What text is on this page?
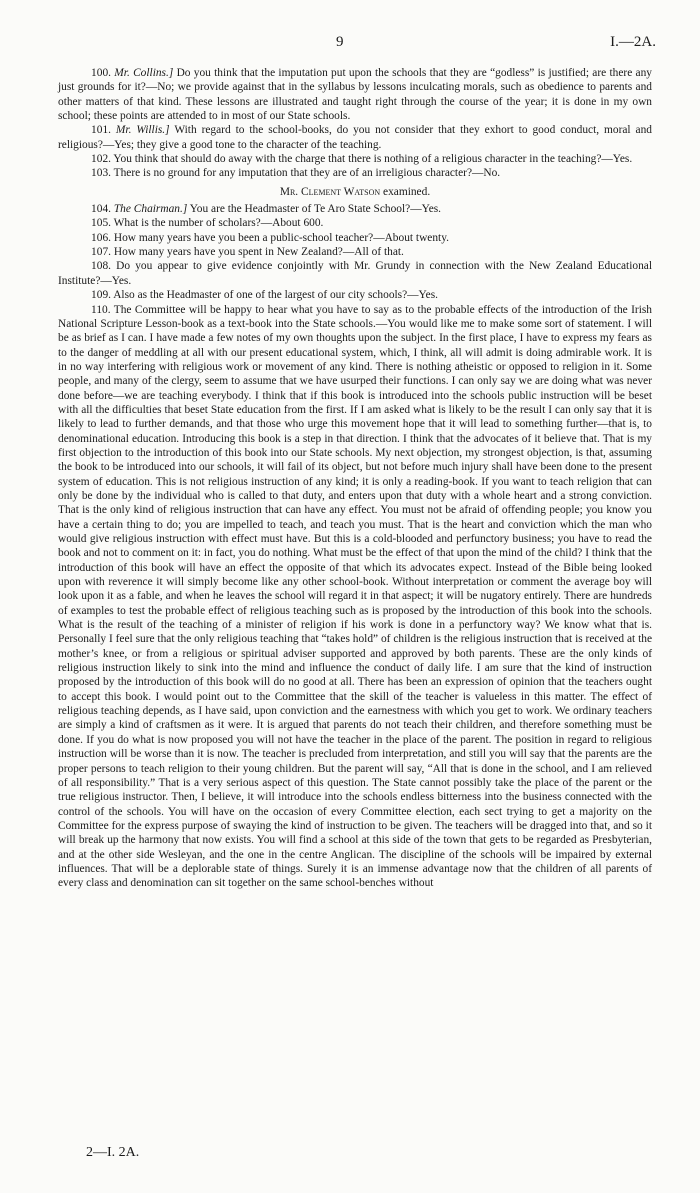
9	I.—2A.

100. Mr. Collins.] Do you think that the imputation put upon the schools that they are “godless” is justified; are there any just grounds for it?—No; we provide against that in the syllabus by lessons inculcating morals, such as obedience to parents and other matters of that kind. These lessons are illustrated and taught right through the course of the year; it is done in my own school; these points are attended to in most of our State schools.

101. Mr. Willis.] With regard to the school-books, do you not consider that they exhort to good conduct, moral and religious?—Yes; they give a good tone to the character of the teaching.

102. You think that should do away with the charge that there is nothing of a religious character in the teaching?—Yes.

103. There is no ground for any imputation that they are of an irreligious character?—No.

Mr. Clement Watson examined.

104. The Chairman.] You are the Headmaster of Te Aro State School?—Yes.

105. What is the number of scholars?—About 600.

106. How many years have you been a public-school teacher?—About twenty.

107. How many years have you spent in New Zealand?—All of that.

108. Do you appear to give evidence conjointly with Mr. Grundy in connection with the New Zealand Educational Institute?—Yes.

109. Also as the Headmaster of one of the largest of our city schools?—Yes.

110. The Committee will be happy to hear what you have to say as to the probable effects of the introduction of the Irish National Scripture Lesson-book as a text-book into the State schools.—You would like me to make some sort of statement. I will be as brief as I can. I have made a few notes of my own thoughts upon the subject. In the first place, I have to express my fears as to the danger of meddling at all with our present educational system, which, I think, all will admit is doing admirable work. It is in no way interfering with religious work or movement of any kind. There is nothing atheistic or opposed to religion in it. Some people, and many of the clergy, seem to assume that we have usurped their functions. I can only say we are doing what was never done before—we are teaching everybody. I think that if this book is introduced into the schools public instruction will be beset with all the difficulties that beset State education from the first. If I am asked what is likely to be the result I can only say that it is likely to lead to further demands, and that those who urge this movement hope that it will lead to something further—that is, to denominational education. Introducing this book is a step in that direction. I think that the advocates of it believe that. That is my first objection to the introduction of this book into our State schools. My next objection, my strongest objection, is that, assuming the book to be introduced into our schools, it will fail of its object, but not before much injury shall have been done to the present system of education. This is not religious instruction of any kind; it is only a reading-book. If you want to teach religion that can only be done by the individual who is called to that duty, and enters upon that duty with a whole heart and a strong conviction. That is the only kind of religious instruction that can have any effect. You must not be afraid of offending people; you know you have a certain thing to do; you are impelled to teach, and teach you must. That is the heart and conviction which the man who would give religious instruction with effect must have. But this is a cold-blooded and perfunctory business; you have to read the book and not to comment on it: in fact, you do nothing. What must be the effect of that upon the mind of the child? I think that the introduction of this book will have an effect the opposite of that which its advocates expect. Instead of the Bible being looked upon with reverence it will simply become like any other school-book. Without interpretation or comment the average boy will look upon it as a fable, and when he leaves the school will regard it in that aspect; it will be nugatory entirely. There are hundreds of examples to test the probable effect of religious teaching such as is proposed by the introduction of this book into the schools. What is the result of the teaching of a minister of religion if his work is done in a perfunctory way? We know what that is. Personally I feel sure that the only religious teaching that “takes hold” of children is the religious instruction that is received at the mother’s knee, or from a religious or spiritual adviser supported and approved by both parents. These are the only kinds of religious instruction likely to sink into the mind and influence the conduct of daily life. I am sure that the kind of instruction proposed by the introduction of this book will do no good at all. There has been an expression of opinion that the teachers ought to accept this book. I would point out to the Committee that the skill of the teacher is valueless in this matter. The effect of religious teaching depends, as I have said, upon conviction and the earnestness with which you get to work. We ordinary teachers are simply a kind of craftsmen as it were. It is argued that parents do not teach their children, and therefore something must be done. If you do what is now proposed you will not have the teacher in the place of the parent. The position in regard to religious instruction will be worse than it is now. The teacher is precluded from interpretation, and still you will say that the parents are the proper persons to teach religion to their young children. But the parent will say, “All that is done in the school, and I am relieved of all responsibility.” That is a very serious aspect of this question. The State cannot possibly take the place of the parent or the true religious instructor. Then, I believe, it will introduce into the schools endless bitterness into the business connected with the control of the schools. You will have on the occasion of every Committee election, each sect trying to get a majority on the Committee for the express purpose of swaying the kind of instruction to be given. The teachers will be dragged into that, and so it will break up the harmony that now exists. You will find a school at this side of the town that gets to be regarded as Presbyterian, and at the other side Wesleyan, and the one in the centre Anglican. The discipline of the schools will be impaired by external influences. That will be a deplorable state of things. Surely it is an immense advantage now that the children of all parents of every class and denomination can sit together on the same school-benches without

2—I. 2A.
